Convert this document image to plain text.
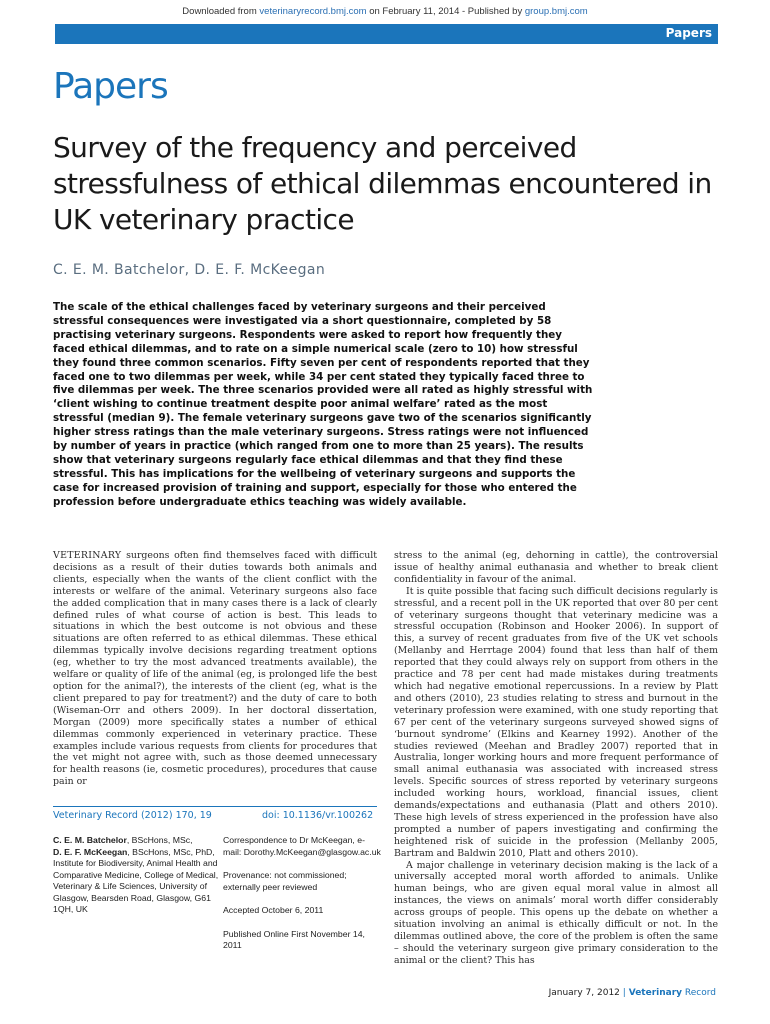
Downloaded from veterinaryrecord.bmj.com on February 11, 2014 - Published by group.bmj.com
Papers
Papers
Survey of the frequency and perceived stressfulness of ethical dilemmas encountered in UK veterinary practice
C. E. M. Batchelor, D. E. F. McKeegan
The scale of the ethical challenges faced by veterinary surgeons and their perceived stressful consequences were investigated via a short questionnaire, completed by 58 practising veterinary surgeons. Respondents were asked to report how frequently they faced ethical dilemmas, and to rate on a simple numerical scale (zero to 10) how stressful they found three common scenarios. Fifty seven per cent of respondents reported that they faced one to two dilemmas per week, while 34 per cent stated they typically faced three to five dilemmas per week. The three scenarios provided were all rated as highly stressful with ‘client wishing to continue treatment despite poor animal welfare’ rated as the most stressful (median 9). The female veterinary surgeons gave two of the scenarios significantly higher stress ratings than the male veterinary surgeons. Stress ratings were not influenced by number of years in practice (which ranged from one to more than 25 years). The results show that veterinary surgeons regularly face ethical dilemmas and that they find these stressful. This has implications for the wellbeing of veterinary surgeons and supports the case for increased provision of training and support, especially for those who entered the profession before undergraduate ethics teaching was widely available.

VETERINARY surgeons often find themselves faced with difficult decisions as a result of their duties towards both animals and clients, especially when the wants of the client conflict with the interests or welfare of the animal. Veterinary surgeons also face the added complication that in many cases there is a lack of clearly defined rules of what course of action is best. This leads to situations in which the best outcome is not obvious and these situations are often referred to as ethical dilemmas. These ethical dilemmas typically involve decisions regarding treatment options (eg, whether to try the most advanced treatments available), the welfare or quality of life of the animal (eg, is prolonged life the best option for the animal?), the interests of the client (eg, what is the client prepared to pay for treatment?) and the duty of care to both (Wiseman-Orr and others 2009). In her doctoral dissertation, Morgan (2009) more specifically states a number of ethical dilemmas commonly experienced in veterinary practice. These examples include various requests from clients for procedures that the vet might not agree with, such as those deemed unnecessary for health reasons (ie, cosmetic procedures), procedures that cause pain or

stress to the animal (eg, dehorning in cattle), the controversial issue of healthy animal euthanasia and whether to break client confidentiality in favour of the animal.

It is quite possible that facing such difficult decisions regularly is stressful, and a recent poll in the UK reported that over 80 per cent of veterinary surgeons thought that veterinary medicine was a stressful occupation (Robinson and Hooker 2006). In support of this, a survey of recent graduates from five of the UK vet schools (Mellanby and Herrtage 2004) found that less than half of them reported that they could always rely on support from others in the practice and 78 per cent had made mistakes during treatments which had negative emotional repercussions. In a review by Platt and others (2010), 23 studies relating to stress and burnout in the veterinary profession were examined, with one study reporting that 67 per cent of the veterinary surgeons surveyed showed signs of ‘burnout syndrome’ (Elkins and Kearney 1992). Another of the studies reviewed (Meehan and Bradley 2007) reported that in Australia, longer working hours and more frequent performance of small animal euthanasia was associated with increased stress levels. Specific sources of stress reported by veterinary surgeons included working hours, workload, financial issues, client demands/expectations and euthanasia (Platt and others 2010). These high levels of stress experienced in the profession have also prompted a number of papers investigating and confirming the heightened risk of suicide in the profession (Mellanby 2005, Bartram and Baldwin 2010, Platt and others 2010).

A major challenge in veterinary decision making is the lack of a universally accepted moral worth afforded to animals. Unlike human beings, who are given equal moral value in almost all instances, the views on animals’ moral worth differ considerably across groups of people. This opens up the debate on whether a situation involving an animal is ethically difficult or not. In the dilemmas outlined above, the core of the problem is often the same – should the veterinary surgeon give primary consideration to the animal or the client? This has

Veterinary Record (2012) 170, 19	doi: 10.1136/vr.100262
C. E. M. Batchelor, BScHons, MSc,
D. E. F. McKeegan, BScHons, MSc, PhD,
Institute for Biodiversity, Animal Health and Comparative Medicine, College of Medical, Veterinary & Life Sciences, University of Glasgow, Bearsden Road, Glasgow, G61 1QH, UK

Correspondence to Dr McKeegan, e-mail: Dorothy.McKeegan@glasgow.ac.uk

Provenance: not commissioned; externally peer reviewed

Accepted October 6, 2011

Published Online First November 14, 2011

January 7, 2012 | Veterinary Record
